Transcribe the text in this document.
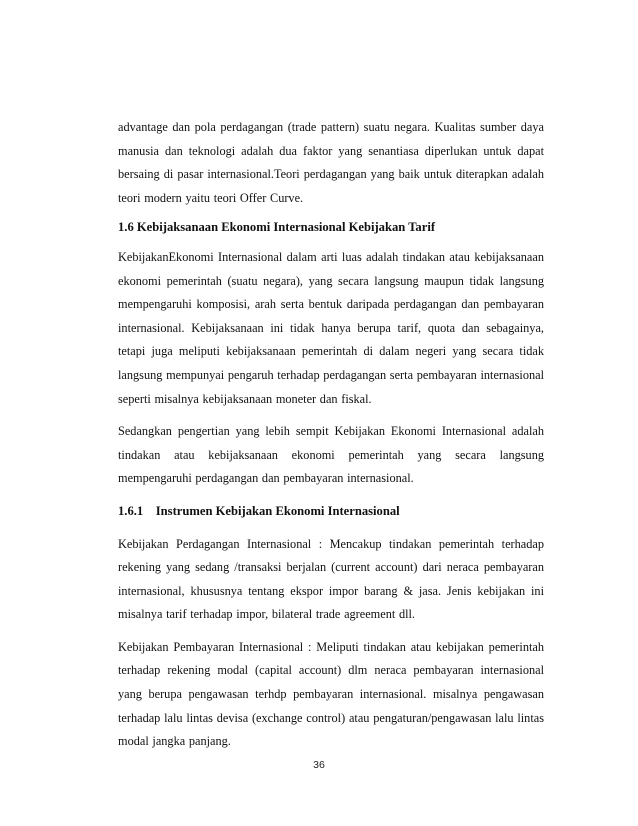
advantage dan pola perdagangan (trade pattern) suatu negara. Kualitas sumber daya manusia dan teknologi adalah dua faktor yang senantiasa diperlukan untuk dapat bersaing di pasar internasional.Teori perdagangan yang baik untuk diterapkan adalah teori modern yaitu teori Offer Curve.

1.6 Kebijaksanaan Ekonomi Internasional Kebijakan Tarif

KebijakanEkonomi Internasional dalam arti luas adalah tindakan atau kebijaksanaan ekonomi pemerintah (suatu negara), yang secara langsung maupun tidak langsung mempengaruhi komposisi, arah serta bentuk daripada perdagangan dan pembayaran internasional. Kebijaksanaan ini tidak hanya berupa tarif, quota dan sebagainya, tetapi juga meliputi kebijaksanaan pemerintah di dalam negeri yang secara tidak langsung mempunyai pengaruh terhadap perdagangan serta pembayaran internasional seperti misalnya kebijaksanaan moneter dan fiskal.

Sedangkan pengertian yang lebih sempit Kebijakan Ekonomi Internasional adalah tindakan atau kebijaksanaan ekonomi pemerintah yang secara langsung mempengaruhi perdagangan dan pembayaran internasional.

1.6.1    Instrumen Kebijakan Ekonomi Internasional

Kebijakan Perdagangan Internasional : Mencakup tindakan pemerintah terhadap rekening yang sedang /transaksi berjalan (current account) dari neraca pembayaran internasional, khususnya tentang ekspor impor barang & jasa. Jenis kebijakan ini misalnya tarif terhadap impor, bilateral trade agreement dll.

Kebijakan Pembayaran Internasional : Meliputi tindakan atau kebijakan pemerintah terhadap rekening modal (capital account) dlm neraca pembayaran internasional yang berupa pengawasan terhdp pembayaran internasional. misalnya pengawasan terhadap lalu lintas devisa (exchange control) atau pengaturan/pengawasan lalu lintas modal jangka panjang.

36
